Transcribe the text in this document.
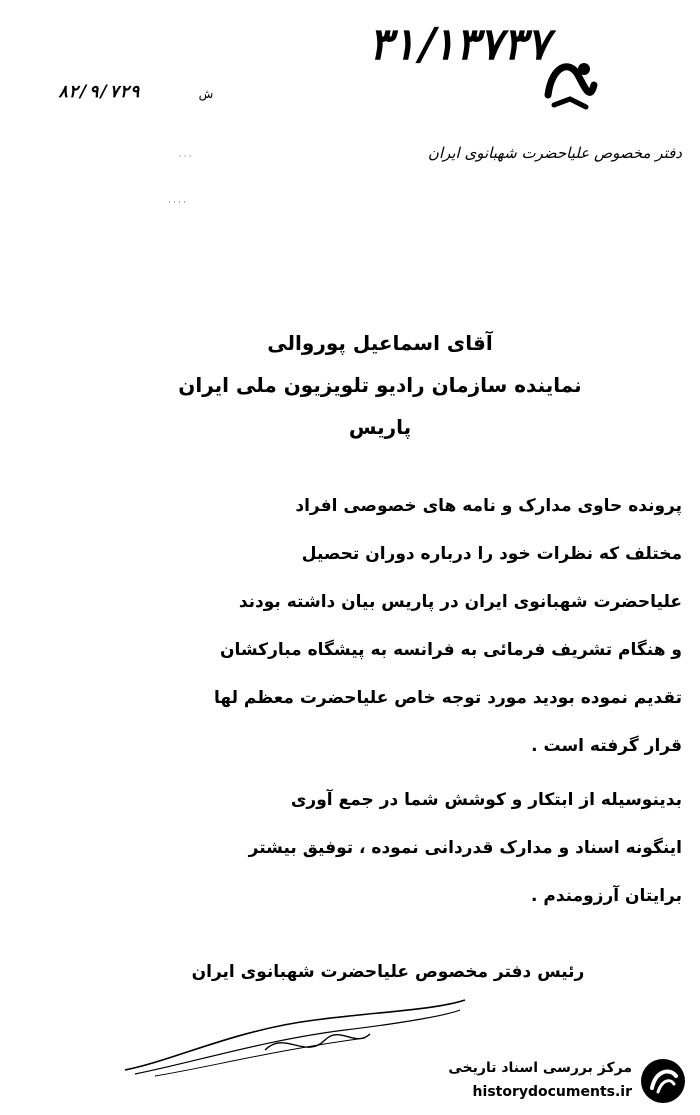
۳۱/۱۳۷۳۷
۸۲/۹/۷۲۹	ش
· · ·
· · · ·
دفتر مخصوص علیاحضرت شهبانوی ایران
آقای اسماعیل پوروالی
نماینده سازمان رادیو تلویزیون ملی ایران
پاریس
پرونده حاوی مدارک و نامه های خصوصی افراد
مختلف که نظرات خود را درباره دوران تحصیل
علیاحضرت شهبانوی ایران در پاریس بیان داشته بودند
و هنگام تشریف فرمائی به فرانسه به پیشگاه مبارکشان
تقدیم نموده بودید مورد توجه خاص علیاحضرت معظم لها
قرار گرفته است .
بدینوسیله از ابتکار و کوشش شما در جمع آوری
اینگونه اسناد و مدارک قدردانی نموده ، توفیق بیشتر
برایتان آرزومندم .
رئیس دفتر مخصوص علیاحضرت شهبانوی ایران
مرکز بررسی اسناد تاریخی
historydocuments.ir
